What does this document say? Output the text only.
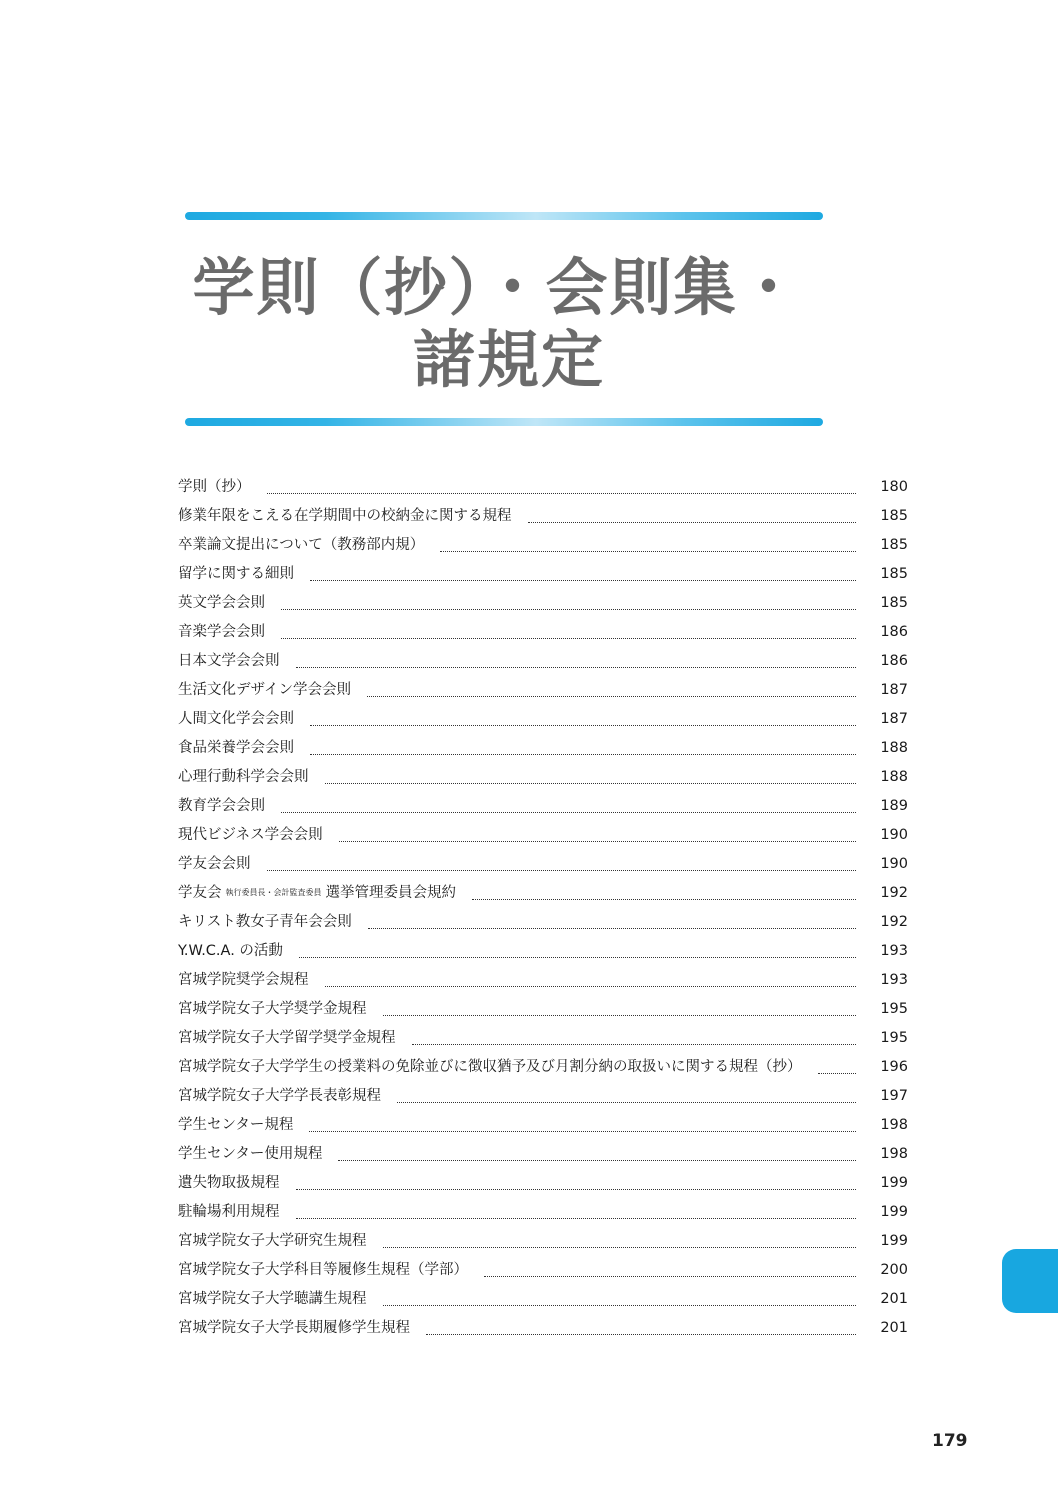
学則（抄）・会則集・
諸規定
学則（抄）	180
修業年限をこえる在学期間中の校納金に関する規程	185
卒業論文提出について（教務部内規）	185
留学に関する細則	185
英文学会会則	185
音楽学会会則	186
日本文学会会則	186
生活文化デザイン学会会則	187
人間文化学会会則	187
食品栄養学会会則	188
心理行動科学会会則	188
教育学会会則	189
現代ビジネス学会会則	190
学友会会則	190
学友会 執行委員長・会計監査委員 選挙管理委員会規約	192
キリスト教女子青年会会則	192
Y.W.C.A. の活動	193
宮城学院奨学会規程	193
宮城学院女子大学奨学金規程	195
宮城学院女子大学留学奨学金規程	195
宮城学院女子大学学生の授業料の免除並びに徴収猶予及び月割分納の取扱いに関する規程（抄）	196
宮城学院女子大学学長表彰規程	197
学生センター規程	198
学生センター使用規程	198
遺失物取扱規程	199
駐輪場利用規程	199
宮城学院女子大学研究生規程	199
宮城学院女子大学科目等履修生規程（学部）	200
宮城学院女子大学聴講生規程	201
宮城学院女子大学長期履修学生規程	201
179
